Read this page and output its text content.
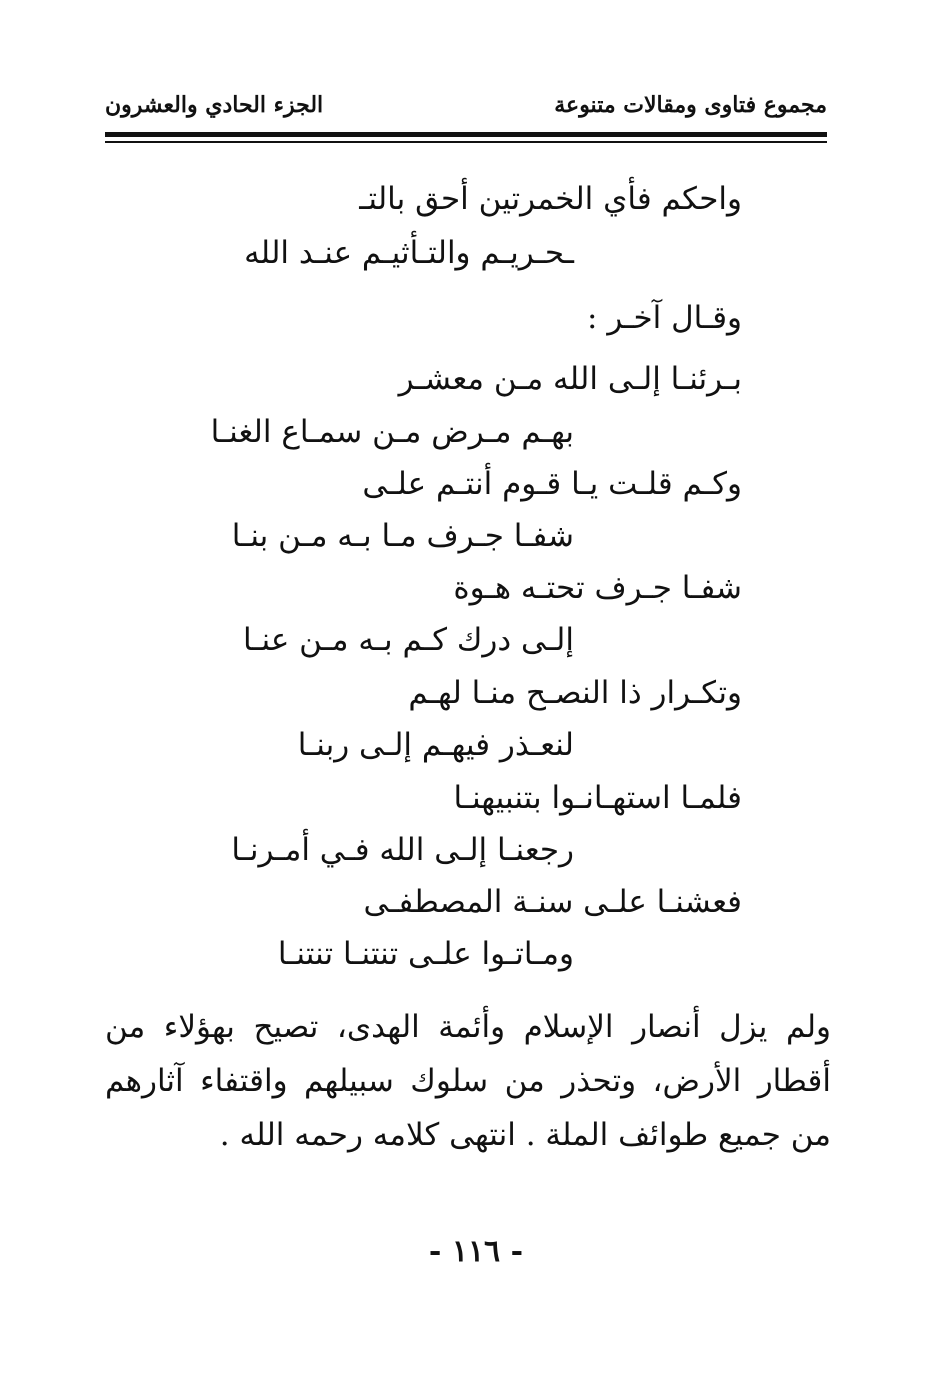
مجموع فتاوى ومقالات متنوعة
الجزء الحادي والعشرون
واحكم فأي الخمرتين أحق بالتـ
ـحـريـم والتـأثيـم عنـد الله
وقـال آخـر :
بـرئنـا إلـى الله مـن معشـر
بهـم مـرض مـن سمـاع الغنـا
وكـم قلـت يـا قـوم أنتـم علـى
شفـا جـرف مـا بـه مـن بنـا
شفـا جـرف تحتـه هـوة
إلـى درك كـم بـه مـن عنـا
وتكـرار ذا النصـح منـا لهـم
لنعـذر فيهـم إلـى ربنـا
فلمـا استهـانـوا بتنبيهنـا
رجعنـا إلـى الله فـي أمـرنـا
فعشنـا علـى سنـة المصطفـى
ومـاتـوا علـى تنتنـا تنتنـا
ولم يزل أنصار الإسلام وأئمة الهدى، تصيح بهؤلاء من أقطار الأرض، وتحذر من سلوك سبيلهم واقتفاء آثارهم من جميع طوائف الملة . انتهى كلامه رحمه الله .
- ١١٦ -
